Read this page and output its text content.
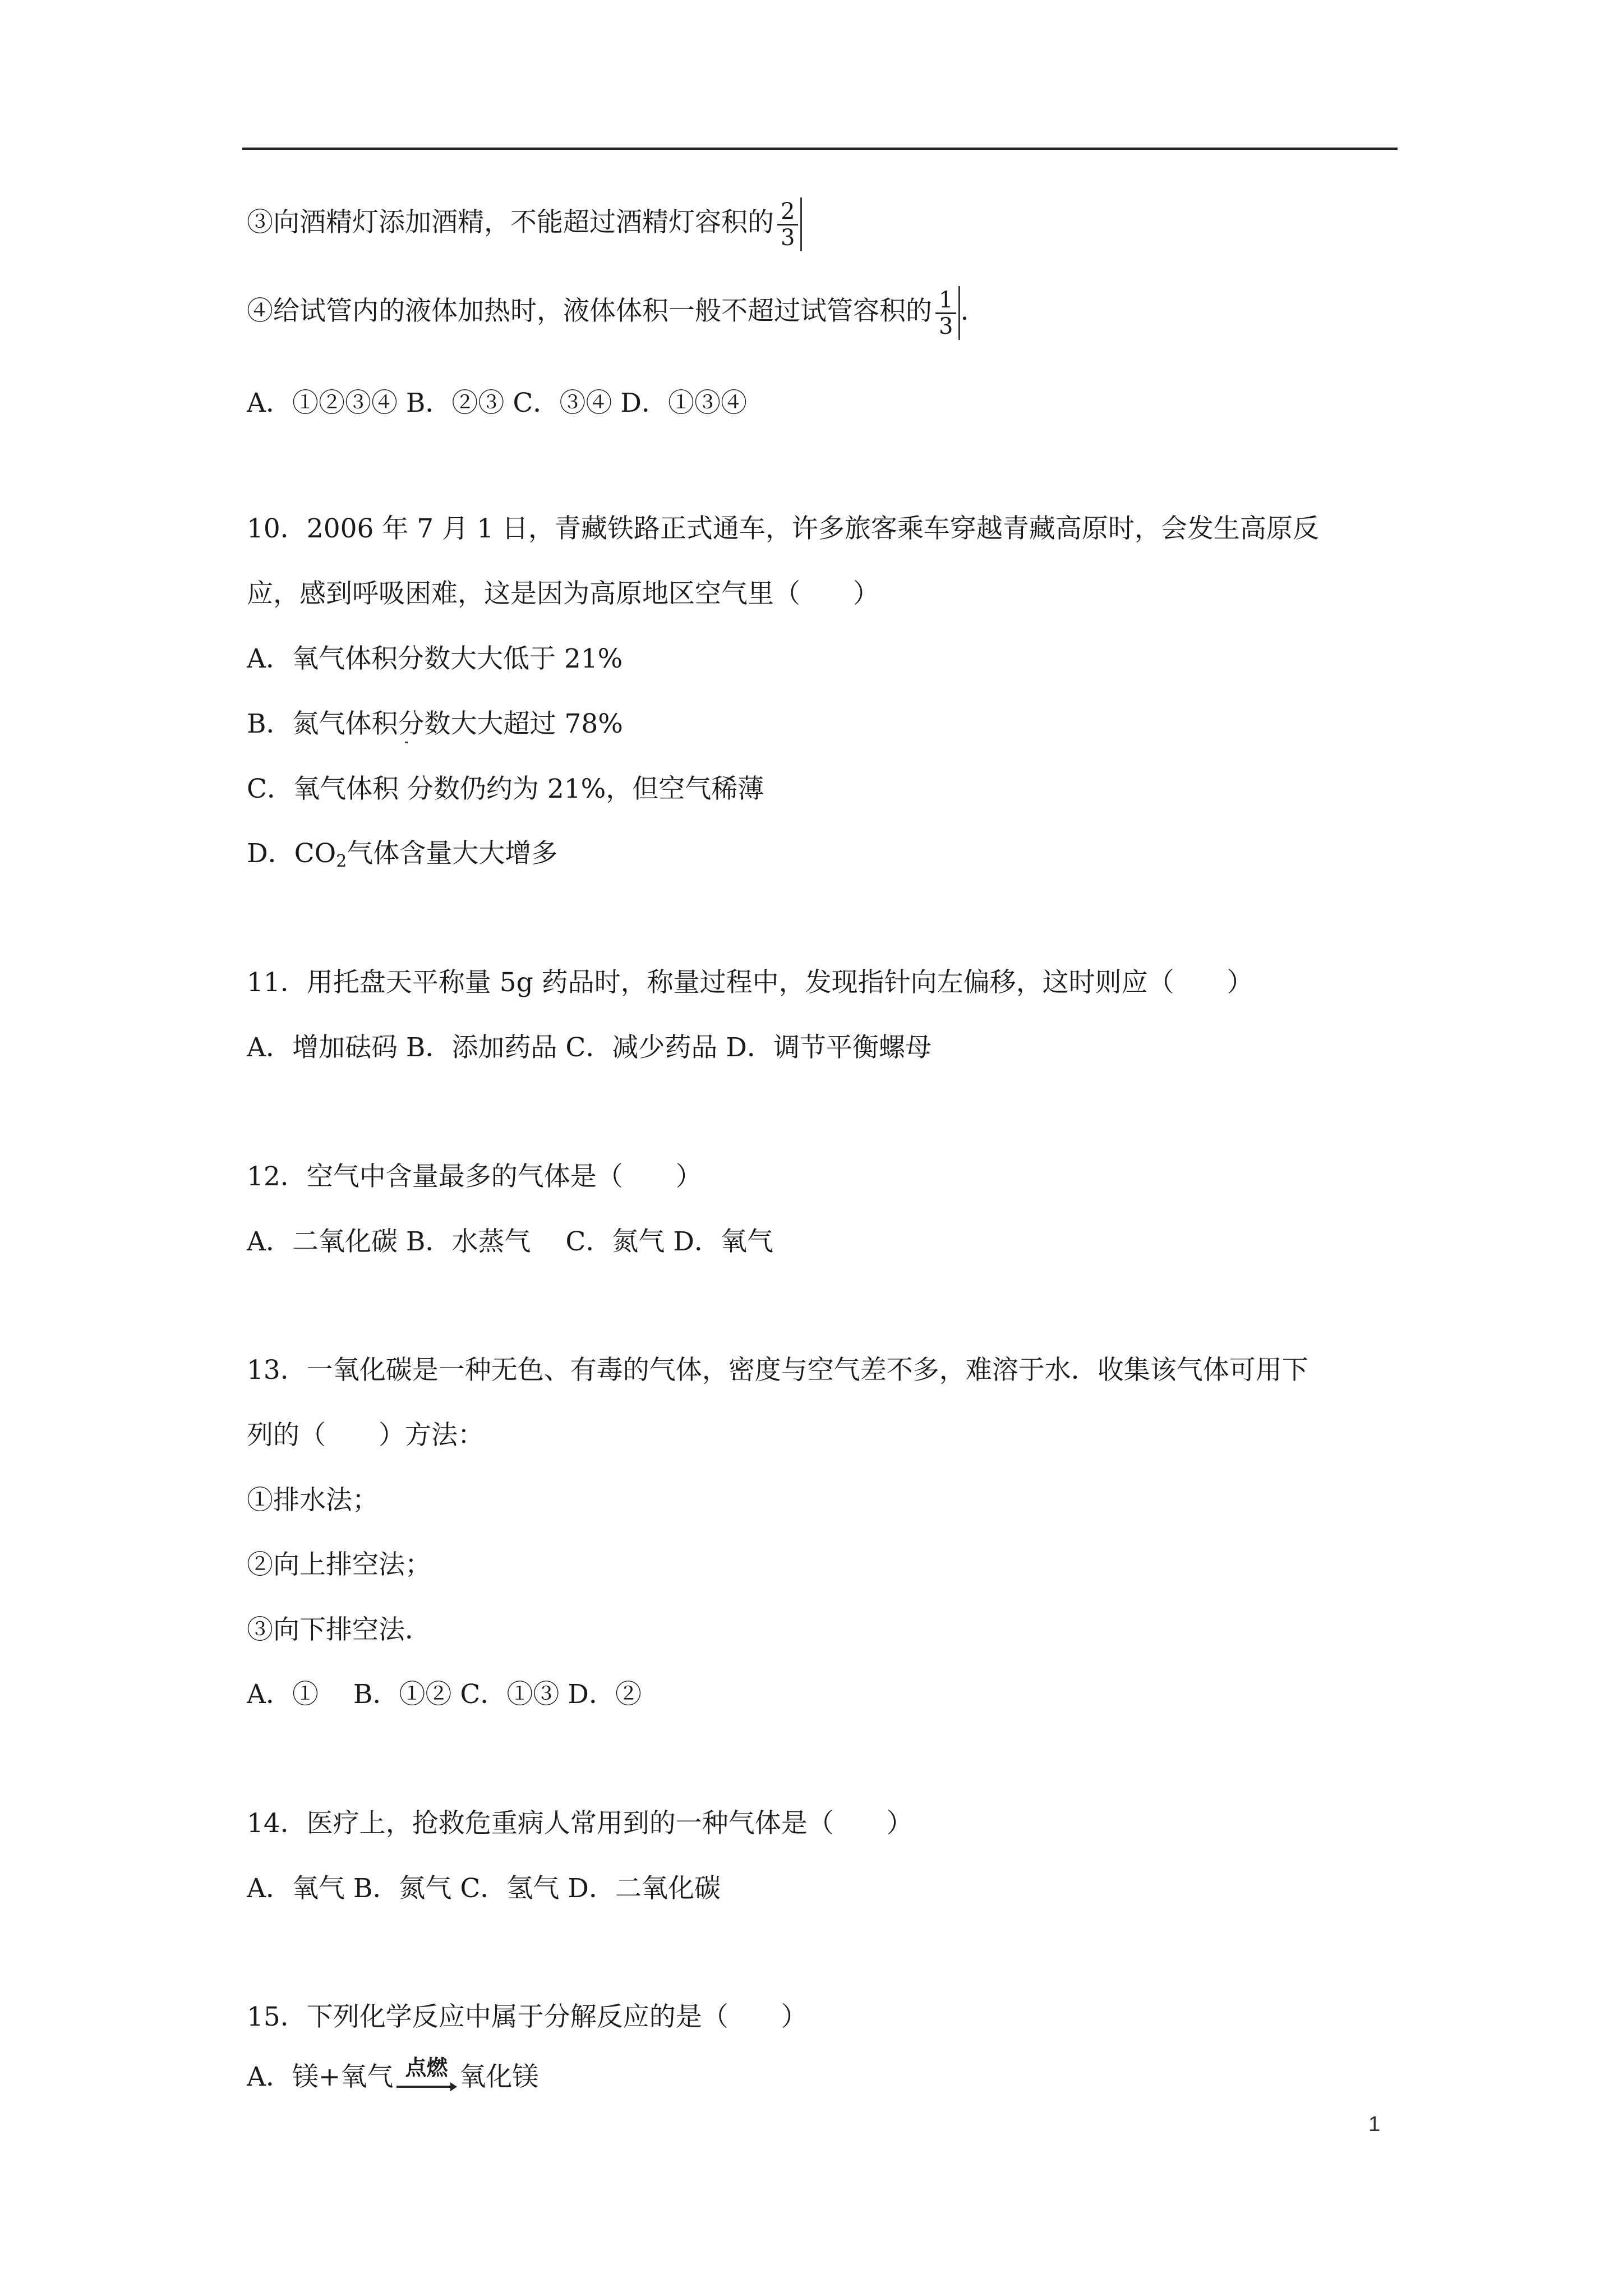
③向酒精灯添加酒精，不能超过酒精灯容积的 $\frac{2}{3}$
④给试管内的液体加热时，液体体积一般不超过试管容积的 $\frac{1}{3}$ .
A．①②③④ B．②③ C．③④ D．①③④
10．2006 年 7 月 1 日，青藏铁路正式通车，许多旅客乘车穿越青藏高原时，会发生高原反
应，感到呼吸困难，这是因为高原地区空气里（　　）
A．氧气体积分数大大低于 21%
B．氮气体积分数大大超过 78%
C．氧气体积 分数仍约为 21%，但空气稀薄
D．$CO_2$气体含量大大增多
11．用托盘天平称量 5g 药品时，称量过程中，发现指针向左偏移，这时则应（　　）
A．增加砝码 B．添加药品 C．减少药品 D．调节平衡螺母
12．空气中含量最多的气体是（　　）
A．二氧化碳 B．水蒸气　 C．氮气 D．氧气
13．一氧化碳是一种无色、有毒的气体，密度与空气差不多，难溶于水．收集该气体可用下
列的（　　）方法：
①排水法；
②向上排空法；
③向下排空法．
A．①　 B．①② C．①③ D．②
14．医疗上，抢救危重病人常用到的一种气体是（　　）
A．氧气 B．氮气 C．氢气 D．二氧化碳
15．下列化学反应中属于分解反应的是（　　）
A．镁+氧气 点燃 氧化镁
1
